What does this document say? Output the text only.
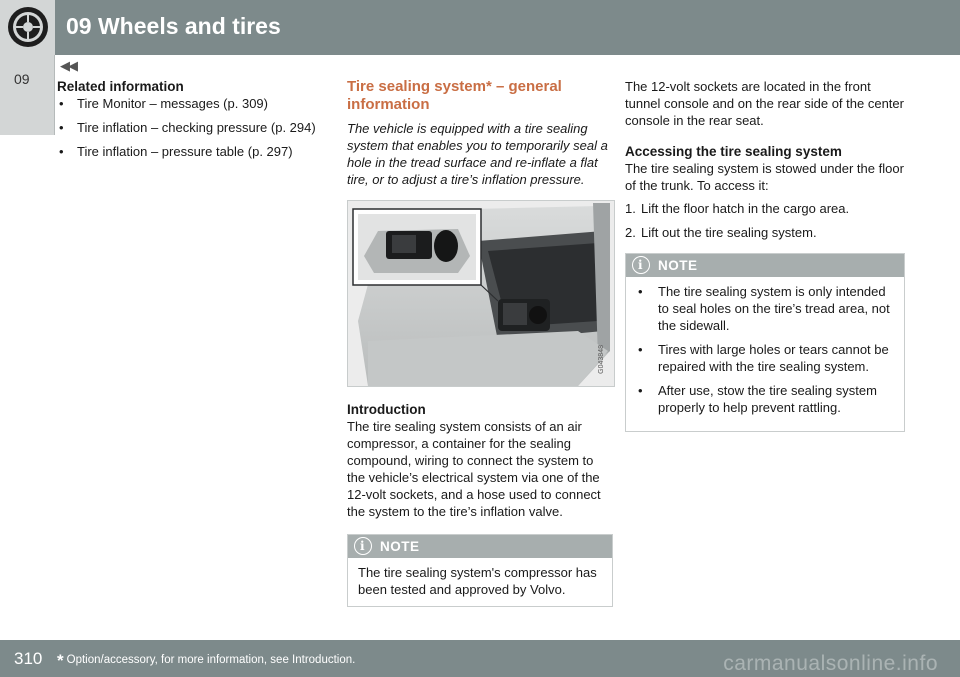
09 Wheels and tires
09
◀◀
Related information
• Tire Monitor – messages (p. 309)
• Tire inflation – checking pressure (p. 294)
• Tire inflation – pressure table (p. 297)
Tire sealing system* – general information

The vehicle is equipped with a tire sealing system that enables you to temporarily seal a hole in the tread surface and re-inflate a flat tire, or to adjust a tire’s inflation pressure.

G043848
Introduction

The tire sealing system consists of an air compressor, a container for the sealing compound, wiring to connect the system to the vehicle’s electrical system via one of the 12-volt sockets, and a hose used to connect the system to the tire’s inflation valve.

i
NOTE

The tire sealing system's compressor has been tested and approved by Volvo.

The 12-volt sockets are located in the front tunnel console and on the rear side of the center console in the rear seat.

Accessing the tire sealing system

The tire sealing system is stowed under the floor of the trunk. To access it:

1. Lift the floor hatch in the cargo area.
2. Lift out the tire sealing system.
i
NOTE
• The tire sealing system is only intended to seal holes on the tire’s tread area, not the sidewall.
• Tires with large holes or tears cannot be repaired with the tire sealing system.
• After use, stow the tire sealing system properly to help prevent rattling.
310 * Option/accessory, for more information, see Introduction.	carmanualsonline.info
